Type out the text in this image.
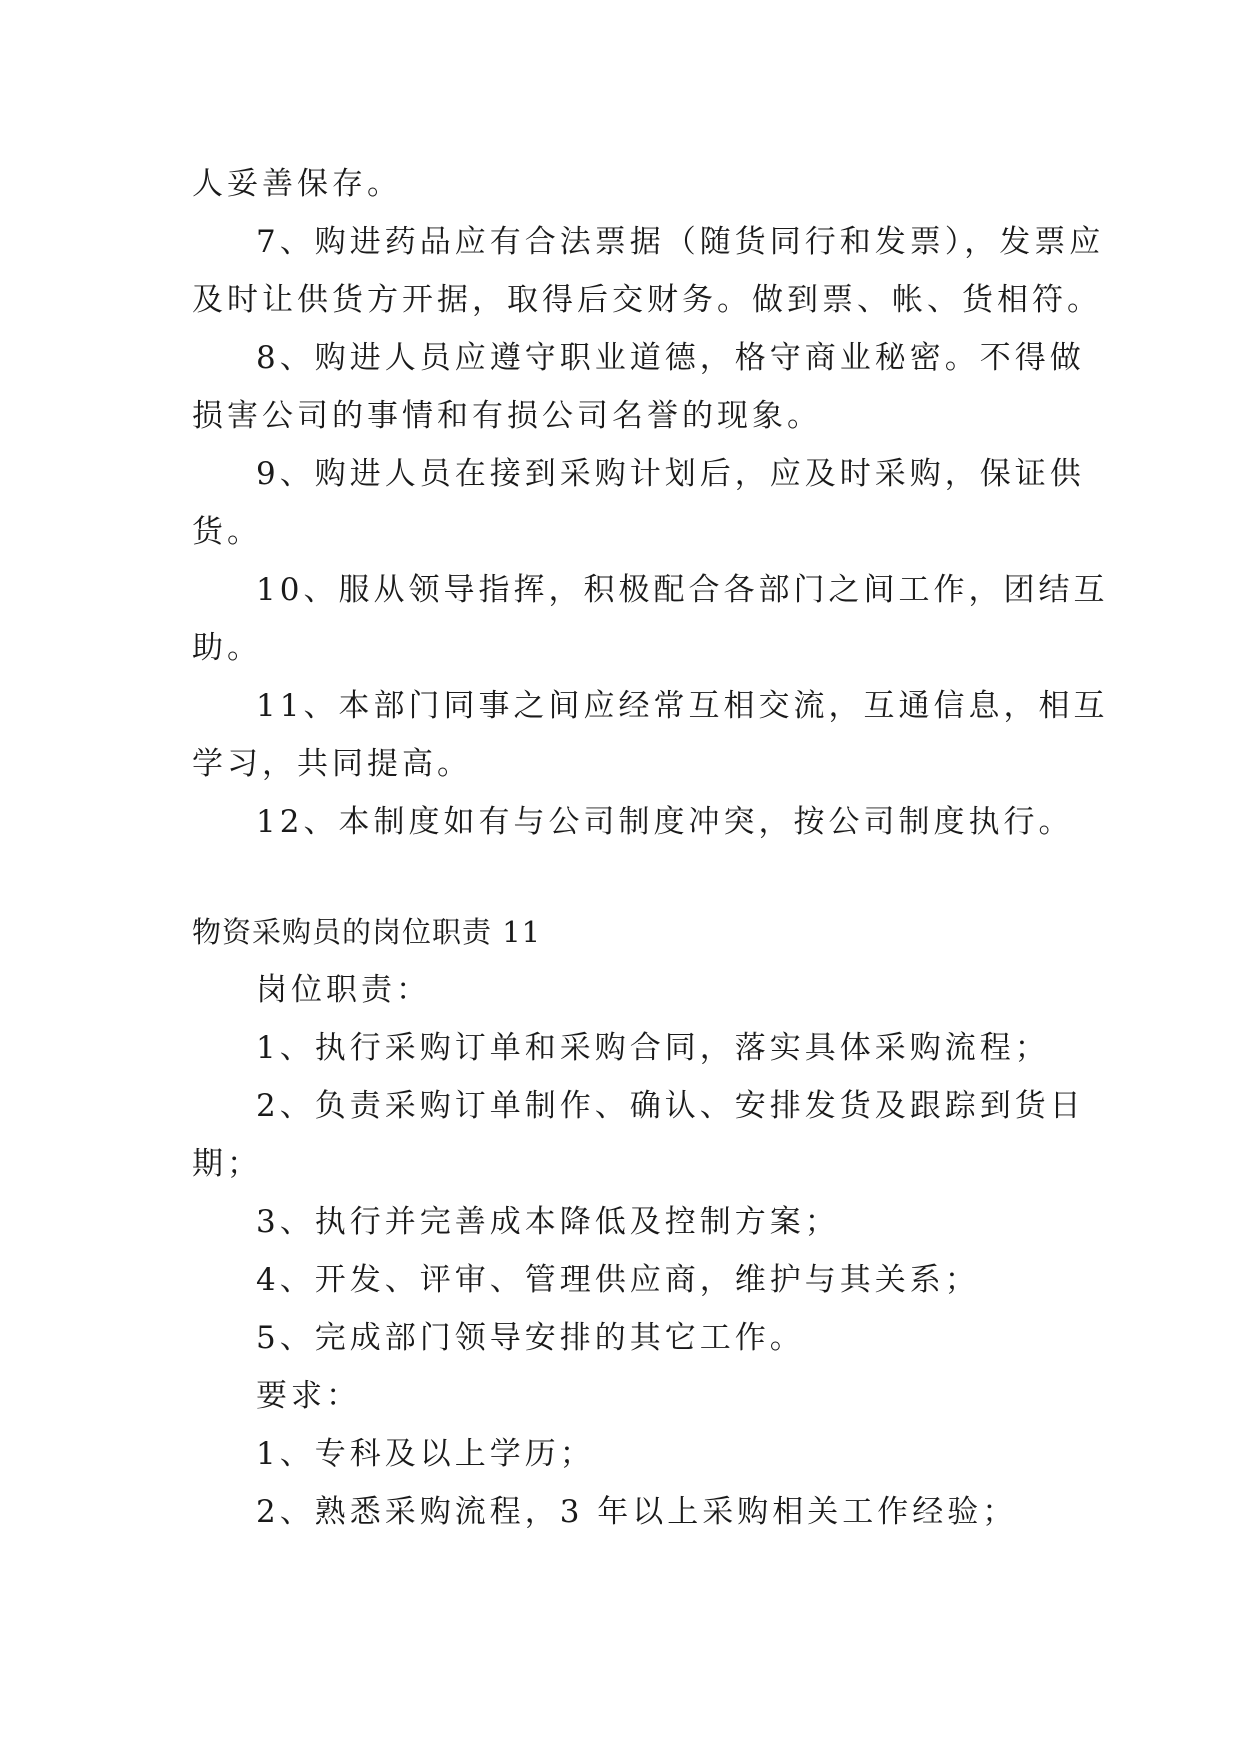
人妥善保存。
7、购进药品应有合法票据（随货同行和发票），发票应
及时让供货方开据，取得后交财务。做到票、帐、货相符。
8、购进人员应遵守职业道德，格守商业秘密。不得做
损害公司的事情和有损公司名誉的现象。
9、购进人员在接到采购计划后，应及时采购，保证供
货。
10、服从领导指挥，积极配合各部门之间工作，团结互
助。
11、本部门同事之间应经常互相交流，互通信息，相互
学习，共同提高。
12、本制度如有与公司制度冲突，按公司制度执行。
物资采购员的岗位职责 11
岗位职责：
1、执行采购订单和采购合同，落实具体采购流程；
2、负责采购订单制作、确认、安排发货及跟踪到货日
期；
3、执行并完善成本降低及控制方案；
4、开发、评审、管理供应商，维护与其关系；
5、完成部门领导安排的其它工作。
要求：
1、专科及以上学历；
2、熟悉采购流程，3 年以上采购相关工作经验；
